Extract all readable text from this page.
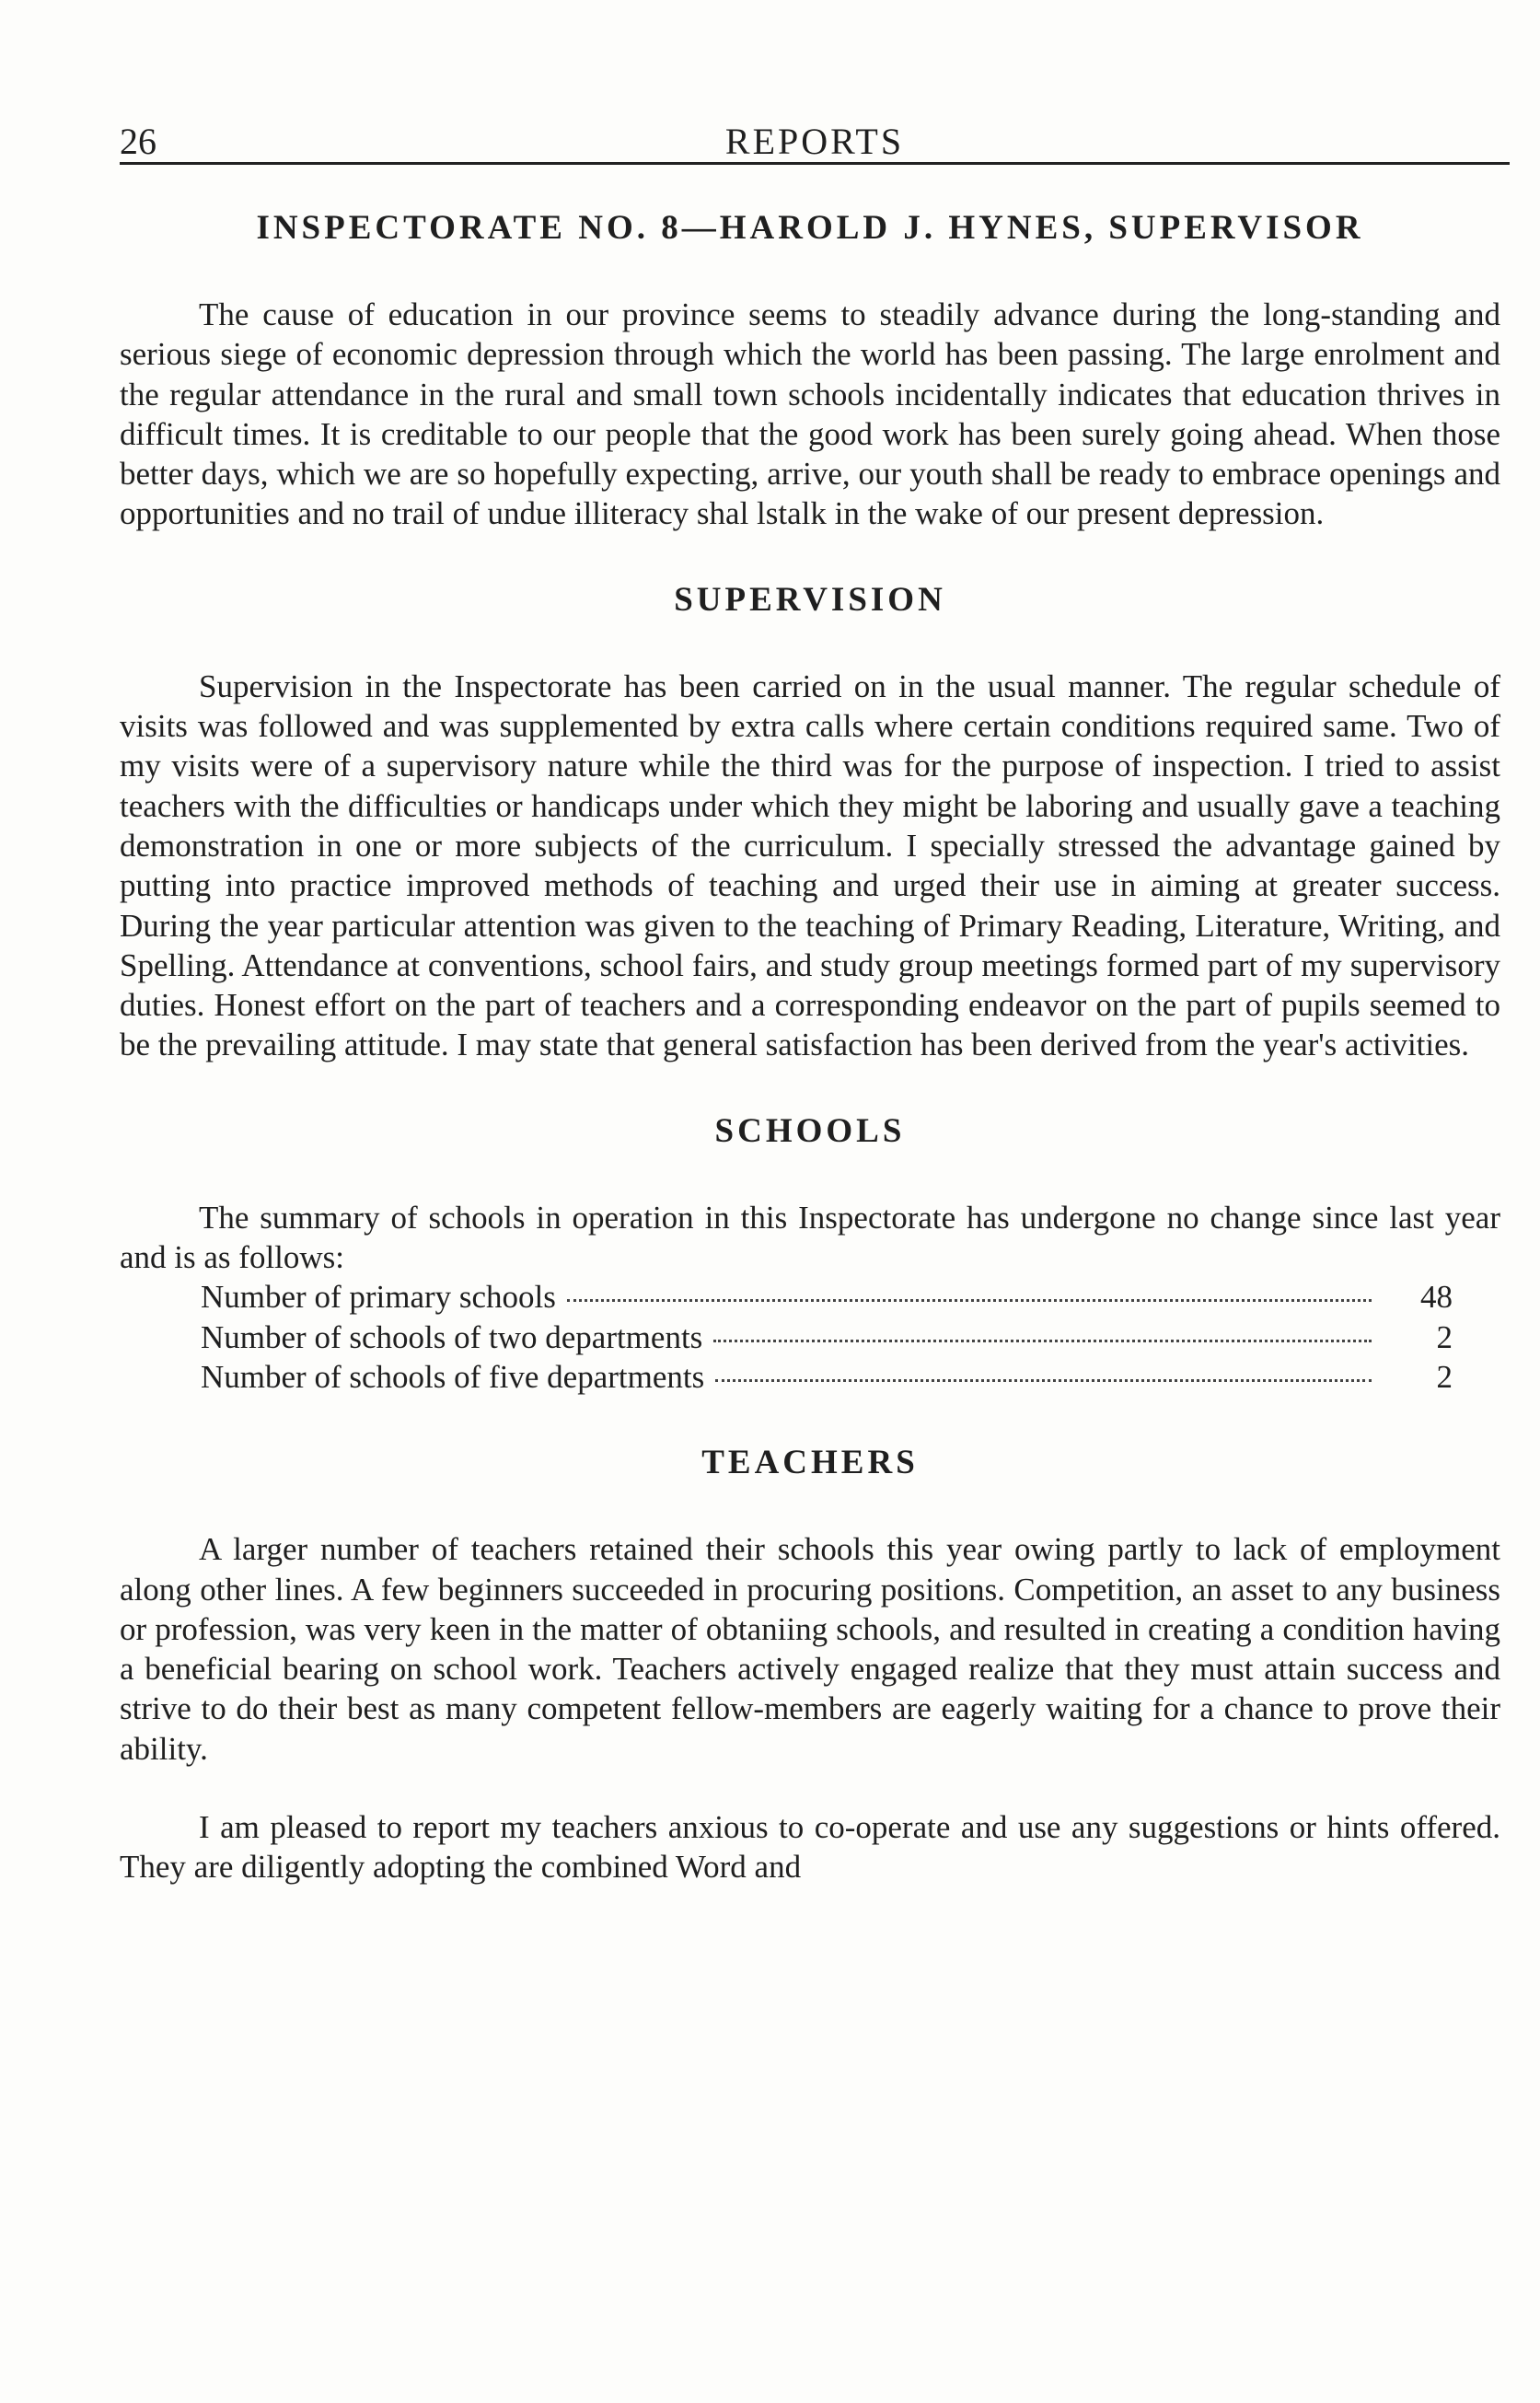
26	REPORTS
INSPECTORATE NO. 8—HAROLD J. HYNES, SUPERVISOR

The cause of education in our province seems to steadily advance during the long-standing and serious siege of economic depression through which the world has been passing. The large enrolment and the regular attendance in the rural and small town schools incidentally indicates that education thrives in difficult times. It is creditable to our people that the good work has been surely going ahead. When those better days, which we are so hopefully expecting, arrive, our youth shall be ready to embrace openings and opportunities and no trail of undue illiteracy shal lstalk in the wake of our present depression.

SUPERVISION

Supervision in the Inspectorate has been carried on in the usual manner. The regular schedule of visits was followed and was supplemented by extra calls where certain conditions required same. Two of my visits were of a supervisory nature while the third was for the purpose of inspection. I tried to assist teachers with the difficulties or handicaps under which they might be laboring and usually gave a teaching demonstration in one or more subjects of the curriculum. I specially stressed the advantage gained by putting into practice improved methods of teaching and urged their use in aiming at greater success. During the year particular attention was given to the teaching of Primary Reading, Literature, Writing, and Spelling. Attendance at conventions, school fairs, and study group meetings formed part of my supervisory duties. Honest effort on the part of teachers and a corresponding endeavor on the part of pupils seemed to be the prevailing attitude. I may state that general satisfaction has been derived from the year's activities.

SCHOOLS

The summary of schools in operation in this Inspectorate has undergone no change since last year and is as follows:

Number of primary schools	48
Number of schools of two departments	2
Number of schools of five departments	2
TEACHERS

A larger number of teachers retained their schools this year owing partly to lack of employment along other lines. A few beginners succeeded in procuring positions. Competition, an asset to any business or profession, was very keen in the matter of obtaniing schools, and resulted in creating a condition having a beneficial bearing on school work. Teachers actively engaged realize that they must attain success and strive to do their best as many competent fellow-members are eagerly waiting for a chance to prove their ability.

I am pleased to report my teachers anxious to co-operate and use any suggestions or hints offered. They are diligently adopting the combined Word and
